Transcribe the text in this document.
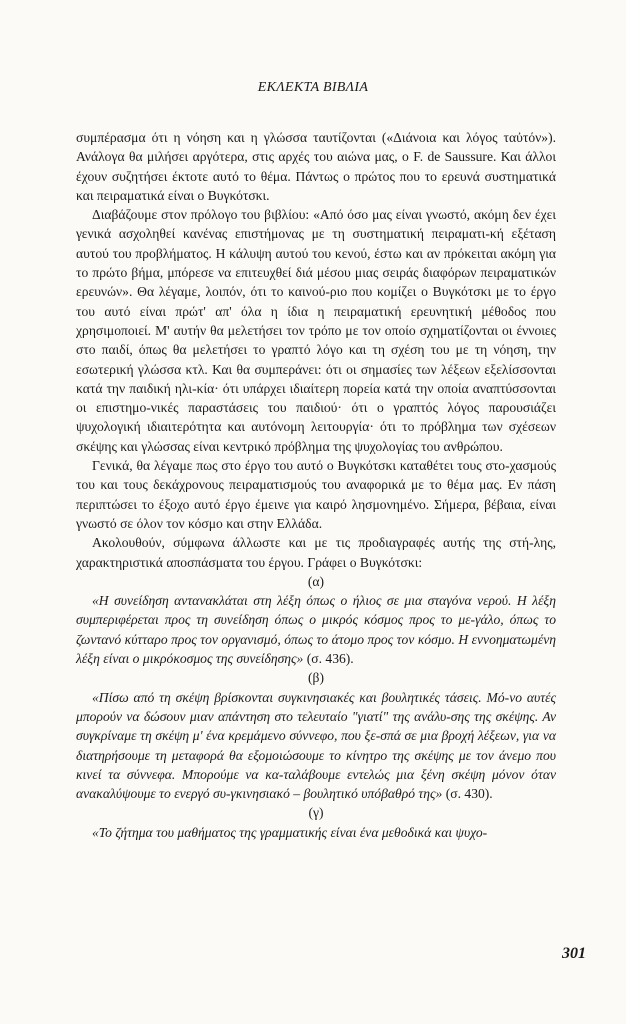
ΕΚΛΕΚΤΑ ΒΙΒΛΙΑ

συμπέρασμα ότι η νόηση και η γλώσσα ταυτίζονται («Διάνοια και λόγος ταὐτόν»). Ανάλογα θα μιλήσει αργότερα, στις αρχές του αιώνα μας, ο F. de Saussure. Και άλλοι έχουν συζητήσει έκτοτε αυτό το θέμα. Πάντως ο πρώτος που το ερευνά συστηματικά και πειραματικά είναι ο Βυγκότσκι.

Διαβάζουμε στον πρόλογο του βιβλίου: «Από όσο μας είναι γνωστό, ακόμη δεν έχει γενικά ασχοληθεί κανένας επιστήμονας με τη συστηματική πειραματι-κή εξέταση αυτού του προβλήματος. Η κάλυψη αυτού του κενού, έστω και αν πρόκειται ακόμη για το πρώτο βήμα, μπόρεσε να επιτευχθεί διά μέσου μιας σειράς διαφόρων πειραματικών ερευνών». Θα λέγαμε, λοιπόν, ότι το καινού-ριο που κομίζει ο Βυγκότσκι με το έργο του αυτό είναι πρώτ' απ' όλα η ίδια η πειραματική ερευνητική μέθοδος που χρησιμοποιεί. Μ' αυτήν θα μελετήσει τον τρόπο με τον οποίο σχηματίζονται οι έννοιες στο παιδί, όπως θα μελετήσει το γραπτό λόγο και τη σχέση του με τη νόηση, την εσωτερική γλώσσα κτλ. Και θα συμπεράνει: ότι οι σημασίες των λέξεων εξελίσσονται κατά την παιδική ηλι-κία· ότι υπάρχει ιδιαίτερη πορεία κατά την οποία αναπτύσσονται οι επιστημο-νικές παραστάσεις του παιδιού· ότι ο γραπτός λόγος παρουσιάζει ψυχολογική ιδιαιτερότητα και αυτόνομη λειτουργία· ότι το πρόβλημα των σχέσεων σκέψης και γλώσσας είναι κεντρικό πρόβλημα της ψυχολογίας του ανθρώπου.

Γενικά, θα λέγαμε πως στο έργο του αυτό ο Βυγκότσκι καταθέτει τους στο-χασμούς του και τους δεκάχρονους πειραματισμούς του αναφορικά με το θέμα μας. Εν πάση περιπτώσει το έξοχο αυτό έργο έμεινε για καιρό λησμονημένο. Σήμερα, βέβαια, είναι γνωστό σε όλον τον κόσμο και στην Ελλάδα.

Ακολουθούν, σύμφωνα άλλωστε και με τις προδιαγραφές αυτής της στή-λης, χαρακτηριστικά αποσπάσματα του έργου. Γράφει ο Βυγκότσκι:

(α)

«Η συνείδηση αντανακλάται στη λέξη όπως ο ήλιος σε μια σταγόνα νερού. Η λέξη συμπεριφέρεται προς τη συνείδηση όπως ο μικρός κόσμος προς το με-γάλο, όπως το ζωντανό κύτταρο προς τον οργανισμό, όπως το άτομο προς τον κόσμο. Η εννοηματωμένη λέξη είναι ο μικρόκοσμος της συνείδησης» (σ. 436).

(β)

«Πίσω από τη σκέψη βρίσκονται συγκινησιακές και βουλητικές τάσεις. Μό-νο αυτές μπορούν να δώσουν μιαν απάντηση στο τελευταίο "γιατί" της ανάλυ-σης της σκέψης. Αν συγκρίναμε τη σκέψη μ' ένα κρεμάμενο σύννεφο, που ξε-σπά σε μια βροχή λέξεων, για να διατηρήσουμε τη μεταφορά θα εξομοιώσουμε το κίνητρο της σκέψης με τον άνεμο που κινεί τα σύννεφα. Μπορούμε να κα-ταλάβουμε εντελώς μια ξένη σκέψη μόνον όταν ανακαλύψουμε το ενεργό συ-γκινησιακό – βουλητικό υπόβαθρό της» (σ. 430).

(γ)

«Το ζήτημα του μαθήματος της γραμματικής είναι ένα μεθοδικά και ψυχο-

301
